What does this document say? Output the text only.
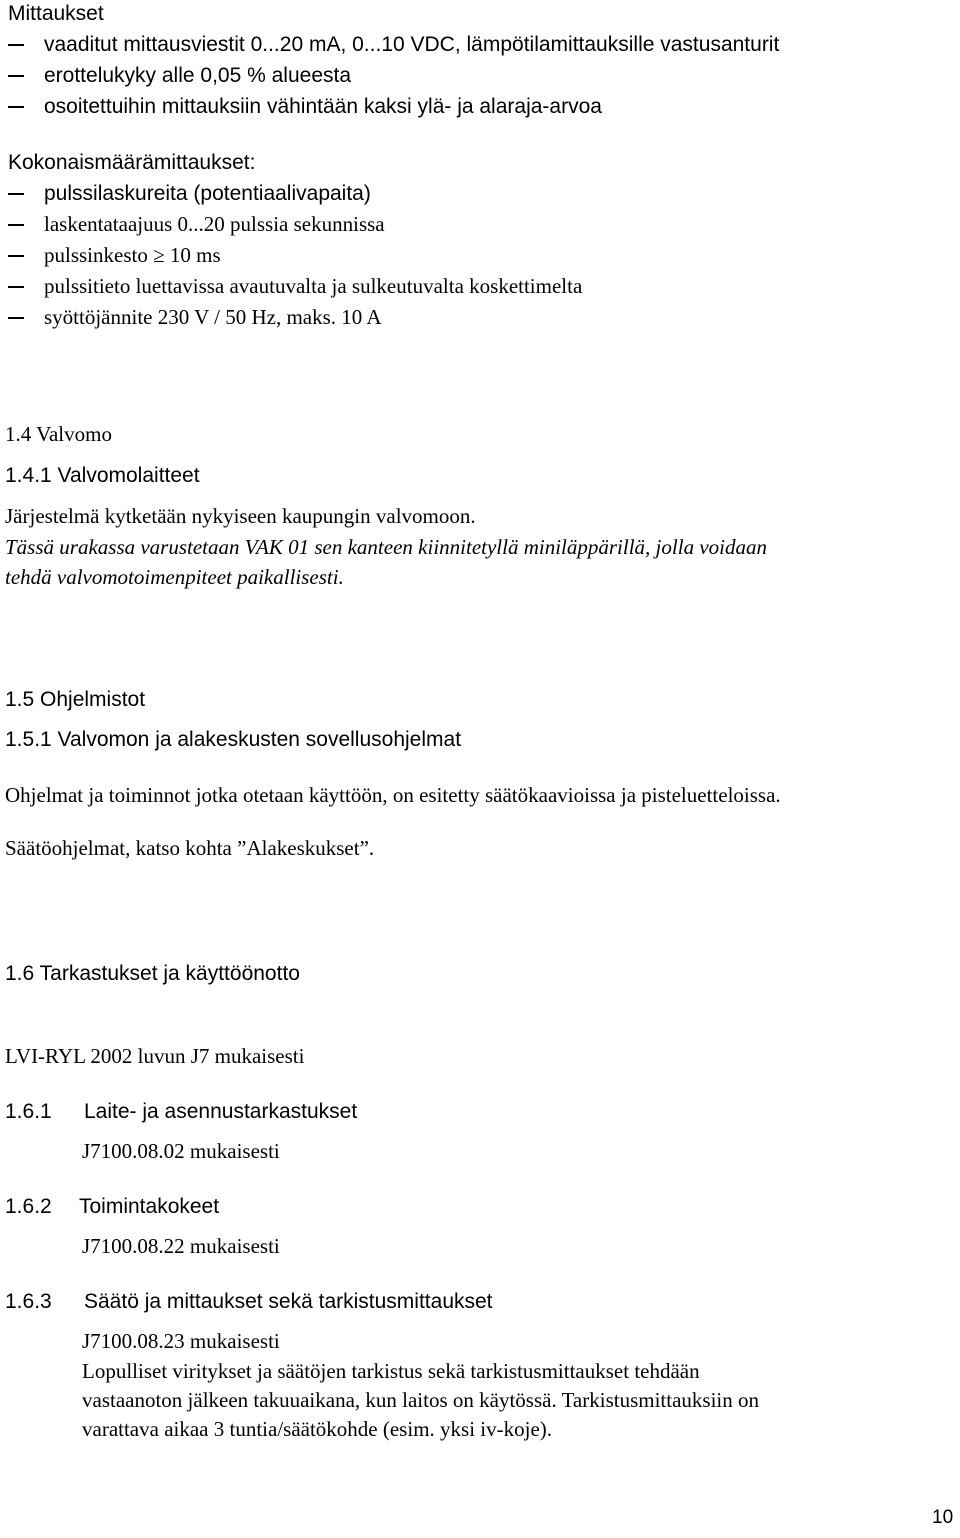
Mittaukset
vaaditut mittausviestit 0...20 mA, 0...10 VDC, lämpötilamittauksille vastusanturit
erottelukyky alle 0,05 % alueesta
osoitettuihin mittauksiin vähintään kaksi ylä- ja alaraja-arvoa
Kokonaismäärämittaukset:
pulssilaskureita (potentiaalivapaita)
laskentataajuus 0...20 pulssia sekunnissa
pulssinkesto ≥ 10 ms
pulssitieto luettavissa avautuvalta ja sulkeutuvalta koskettimelta
syöttöjännite 230 V / 50 Hz, maks. 10 A
1.4 Valvomo
1.4.1 Valvomolaitteet
Järjestelmä kytketään nykyiseen kaupungin valvomoon.
Tässä urakassa varustetaan VAK 01 sen kanteen kiinnitetyllä miniläppärillä, jolla voidaan
tehdä valvomotoimenpiteet paikallisesti.
1.5 Ohjelmistot
1.5.1 Valvomon ja alakeskusten sovellusohjelmat
Ohjelmat ja toiminnot jotka otetaan käyttöön, on esitetty säätökaavioissa ja pisteluetteloissa.
Säätöohjelmat, katso kohta ”Alakeskukset”.
1.6 Tarkastukset ja käyttöönotto
LVI-RYL 2002 luvun J7 mukaisesti
1.6.1 Laite- ja asennustarkastukset
J7100.08.02 mukaisesti
1.6.2 Toimintakokeet
J7100.08.22 mukaisesti
1.6.3 Säätö ja mittaukset sekä tarkistusmittaukset
J7100.08.23 mukaisesti
Lopulliset viritykset ja säätöjen tarkistus sekä tarkistusmittaukset tehdään
vastaanoton jälkeen takuuaikana, kun laitos on käytössä. Tarkistusmittauksiin on
varattava aikaa 3 tuntia/säätökohde (esim. yksi iv-koje).
10
